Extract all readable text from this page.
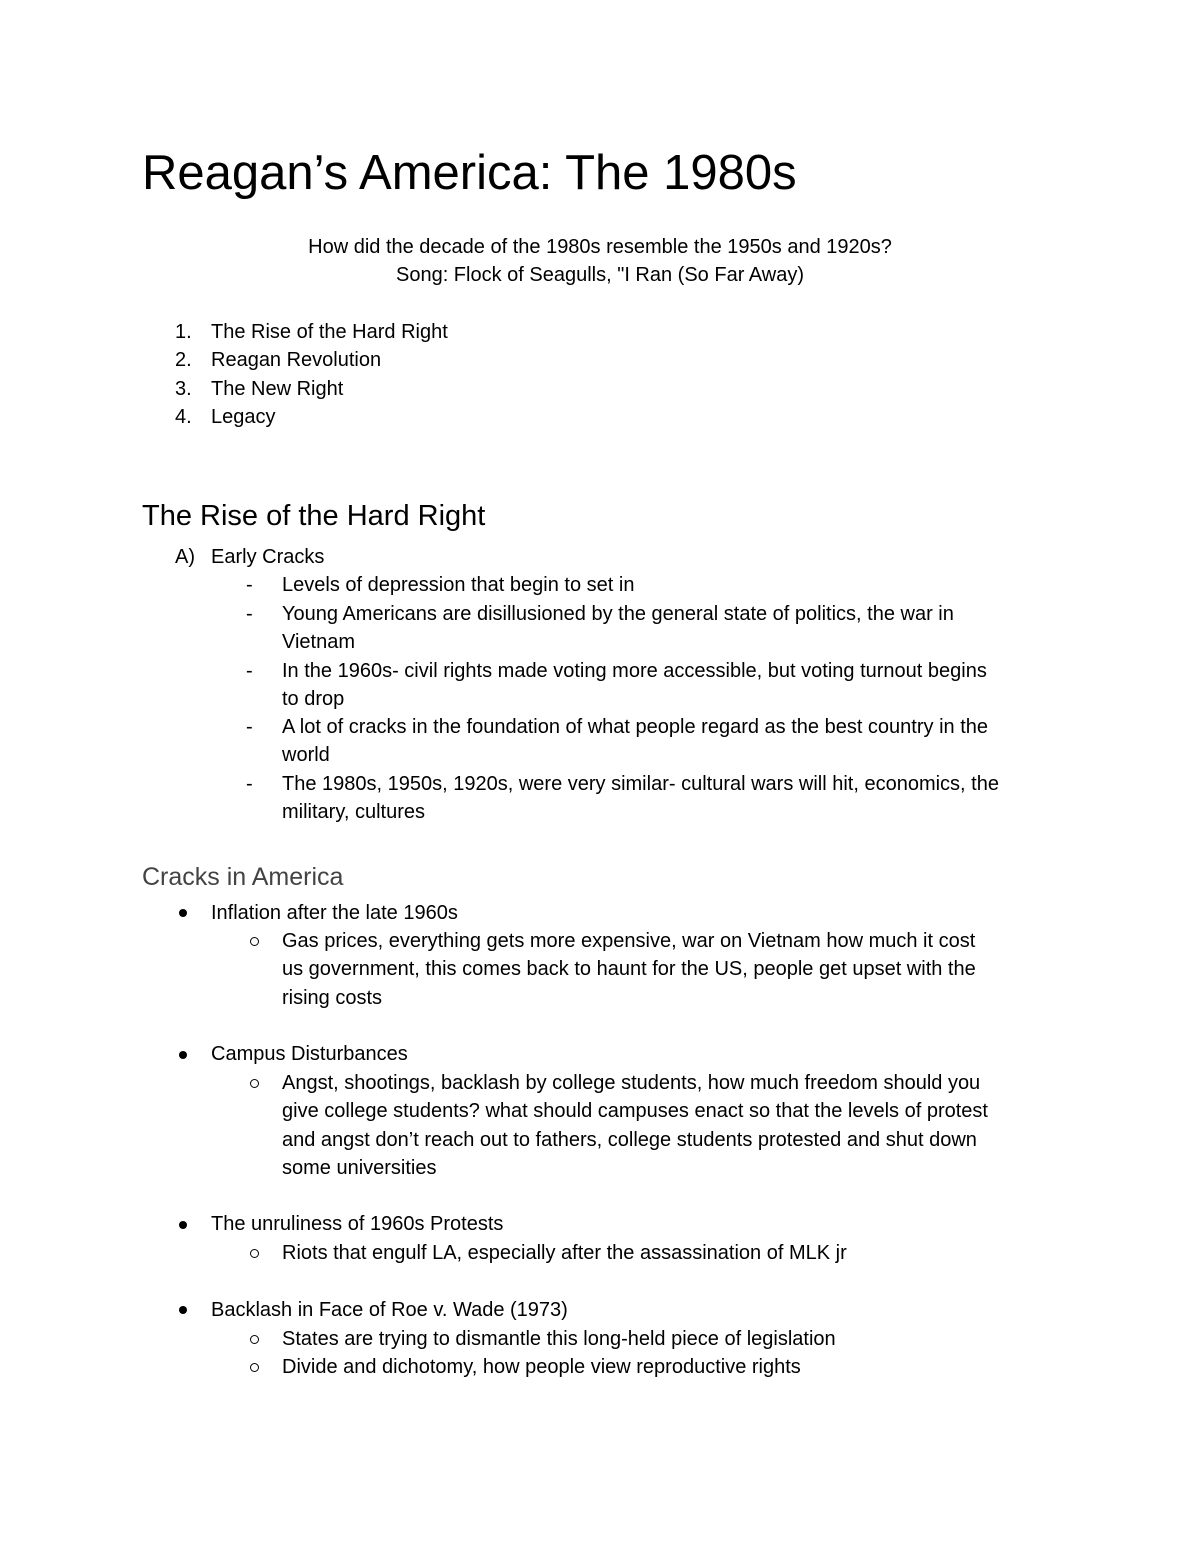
Reagan’s America: The 1980s
How did the decade of the 1980s resemble the 1950s and 1920s?
Song: Flock of Seagulls, "I Ran (So Far Away)
1. The Rise of the Hard Right
2. Reagan Revolution
3. The New Right
4. Legacy
The Rise of the Hard Right
A) Early Cracks
- Levels of depression that begin to set in
- Young Americans are disillusioned by the general state of politics, the war in
Vietnam
- In the 1960s- civil rights made voting more accessible, but voting turnout begins
to drop
- A lot of cracks in the foundation of what people regard as the best country in the
world
- The 1980s, 1950s, 1920s, were very similar- cultural wars will hit, economics, the
military, cultures
Cracks in America
Inflation after the late 1960s
Gas prices, everything gets more expensive, war on Vietnam how much it cost
us government, this comes back to haunt for the US, people get upset with the
rising costs
Campus Disturbances
Angst, shootings, backlash by college students, how much freedom should you
give college students? what should campuses enact so that the levels of protest
and angst don’t reach out to fathers, college students protested and shut down
some universities
The unruliness of 1960s Protests
Riots that engulf LA, especially after the assassination of MLK jr
Backlash in Face of Roe v. Wade (1973)
States are trying to dismantle this long-held piece of legislation
Divide and dichotomy, how people view reproductive rights
